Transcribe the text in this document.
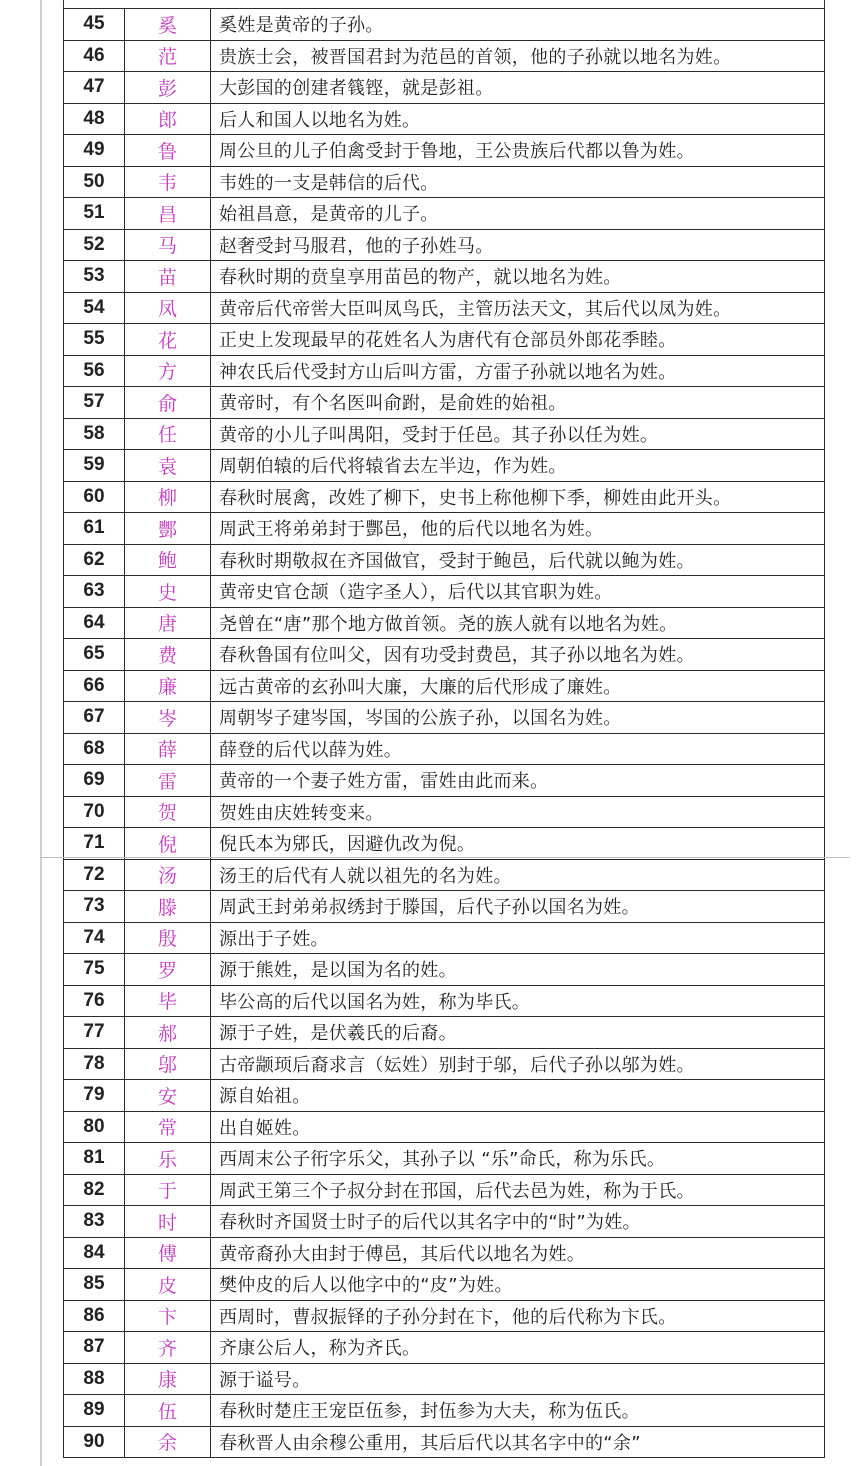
45	奚	奚姓是黄帝的子孙。
46	范	贵族士会，被晋国君封为范邑的首领，他的子孙就以地名为姓。
47	彭	大彭国的创建者篯铿，就是彭祖。
48	郎	后人和国人以地名为姓。
49	鲁	周公旦的儿子伯禽受封于鲁地，王公贵族后代都以鲁为姓。
50	韦	韦姓的一支是韩信的后代。
51	昌	始祖昌意，是黄帝的儿子。
52	马	赵奢受封马服君，他的子孙姓马。
53	苗	春秋时期的贲皇享用苗邑的物产，就以地名为姓。
54	凤	黄帝后代帝喾大臣叫凤鸟氏，主管历法天文，其后代以凤为姓。
55	花	正史上发现最早的花姓名人为唐代有仓部员外郎花季睦。
56	方	神农氏后代受封方山后叫方雷，方雷子孙就以地名为姓。
57	俞	黄帝时，有个名医叫俞跗，是俞姓的始祖。
58	任	黄帝的小儿子叫禺阳，受封于任邑。其子孙以任为姓。
59	袁	周朝伯辕的后代将辕省去左半边，作为姓。
60	柳	春秋时展禽，改姓了柳下，史书上称他柳下季，柳姓由此开头。
61	酆	周武王将弟弟封于酆邑，他的后代以地名为姓。
62	鲍	春秋时期敬叔在齐国做官，受封于鲍邑，后代就以鲍为姓。
63	史	黄帝史官仓颉（造字圣人），后代以其官职为姓。
64	唐	尧曾在“唐”那个地方做首领。尧的族人就有以地名为姓。
65	费	春秋鲁国有位叫父，因有功受封费邑，其子孙以地名为姓。
66	廉	远古黄帝的玄孙叫大廉，大廉的后代形成了廉姓。
67	岑	周朝岑子建岑国，岑国的公族子孙，以国名为姓。
68	薛	薛登的后代以薛为姓。
69	雷	黄帝的一个妻子姓方雷，雷姓由此而来。
70	贺	贺姓由庆姓转变来。
71	倪	倪氏本为郳氏，因避仇改为倪。
72	汤	汤王的后代有人就以祖先的名为姓。
73	滕	周武王封弟弟叔绣封于滕国，后代子孙以国名为姓。
74	殷	源出于子姓。
75	罗	源于熊姓，是以国为名的姓。
76	毕	毕公高的后代以国名为姓，称为毕氏。
77	郝	源于子姓，是伏羲氏的后裔。
78	邬	古帝颛顼后裔求言（妘姓）别封于邬，后代子孙以邬为姓。
79	安	源自始祖。
80	常	出自姬姓。
81	乐	西周末公子衎字乐父，其孙子以 “乐”命氏，称为乐氏。
82	于	周武王第三个子叔分封在邘国，后代去邑为姓，称为于氏。
83	时	春秋时齐国贤士时子的后代以其名字中的“时”为姓。
84	傅	黄帝裔孙大由封于傅邑，其后代以地名为姓。
85	皮	樊仲皮的后人以他字中的“皮”为姓。
86	卞	西周时，曹叔振铎的子孙分封在卞，他的后代称为卞氏。
87	齐	齐康公后人，称为齐氏。
88	康	源于谥号。
89	伍	春秋时楚庄王宠臣伍参，封伍参为大夫，称为伍氏。
90	余	春秋晋人由余穆公重用，其后后代以其名字中的“余”
